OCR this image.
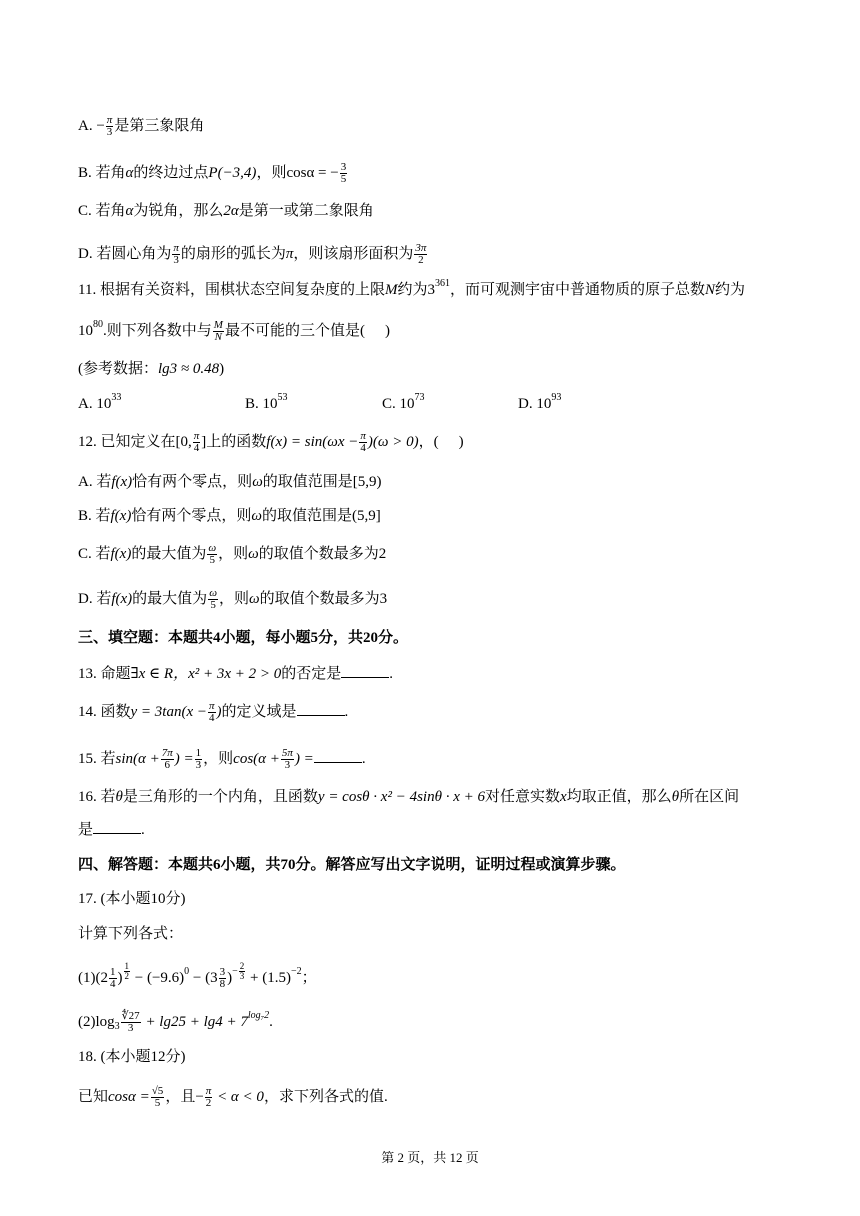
A. − $\frac{\pi}{3}$ 是第三象限角
B. 若角α的终边过点P(−3,4)，则cosα = − $\frac{3}{5}$
C. 若角α为锐角，那么2α是第一或第二象限角
D. 若圆心角为 $\frac{\pi}{3}$ 的扇形的弧长为π，则该扇形面积为 $\frac{3\pi}{2}$
11. 根据有关资料，围棋状态空间复杂度的上限M约为$3^{361}$，而可观测宇宙中普通物质的原子总数N约为
$10^{80}$.则下列各数中与 $\frac{M}{N}$ 最不可能的三个值是( )
(参考数据：lg3 ≈ 0.48)
A. $10^{33}$	B. $10^{53}$	C. $10^{73}$	D. $10^{93}$
12. 已知定义在[0, $\frac{\pi}{4}$ ]上的函数$f(x) = \sin(\omega x - \frac{\pi}{4} )(\omega > 0)$，( )
A. 若f(x)恰有两个零点，则ω的取值范围是[5,9)
B. 若f(x)恰有两个零点，则ω的取值范围是(5,9]
C. 若f(x)的最大值为 $\frac{\omega}{5}$ ，则ω的取值个数最多为2
D. 若f(x)的最大值为 $\frac{\omega}{5}$ ，则ω的取值个数最多为3
三、填空题：本题共4小题，每小题5分，共20分。
13. 命题∃x ∈ R，x² + 3x + 2 > 0的否定是	.
14. 函数$y = 3\tan(x - \frac{\pi}{4}$ )的定义域是	.
15. 若$\sin(\alpha + \frac{7\pi}{6}$ ) = $\frac{1}{3}$ ，则$\cos(\alpha + \frac{5\pi}{3}$ ) =	.
16. 若θ是三角形的一个内角，且函数y = cosθ · x² − 4sinθ · x + 6对任意实数x均取正值，那么θ所在区间
是	.
四、解答题：本题共6小题，共70分。解答应写出文字说明，证明过程或演算步骤。
17. (本小题10分)
计算下列各式：
$(1)(2 \frac{1}{4}$ ) $^{\frac{1}{2}} - (-9.6)^0 - (3 \frac{3}{8} )^{- \frac{2}{3}} + (1.5)^{-2}$；
$(2)\log_3 \frac{∜27}{3} + \lg 25 + \lg 4 + 7^{log_72}$.
18. (本小题12分)
已知$\cos\alpha = \frac{√5}{5}$ ，且− $\frac{\pi}{2} < \alpha < 0$，求下列各式的值.
第 2 页，共 12 页
